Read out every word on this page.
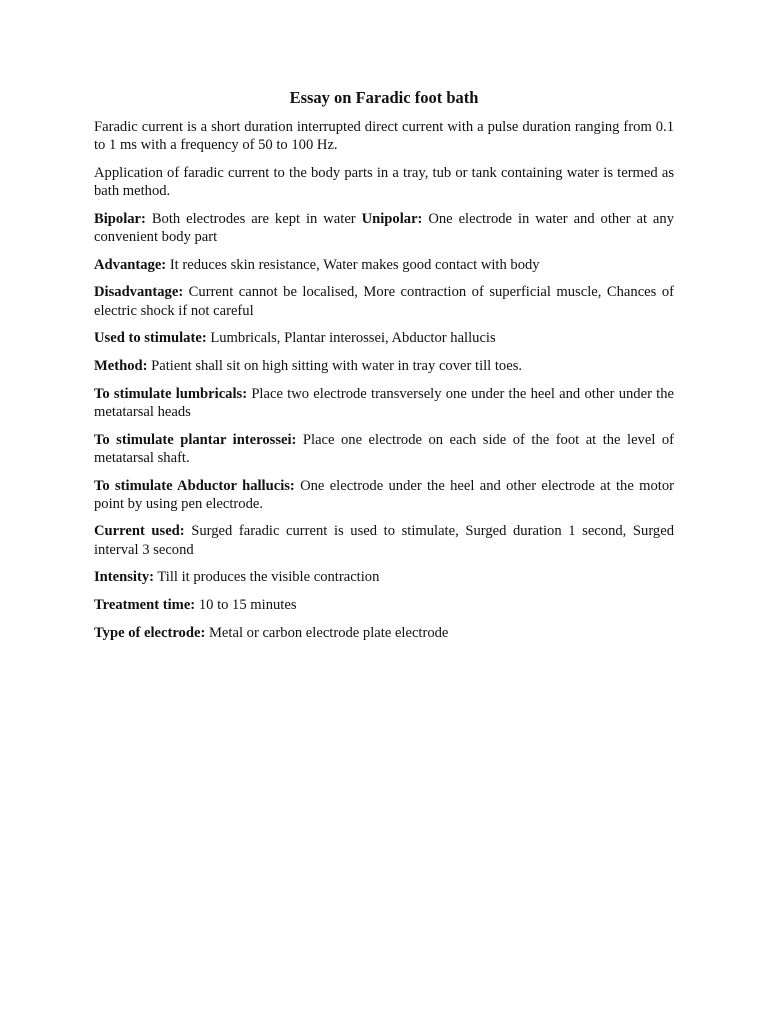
Essay on Faradic foot bath

Faradic current is a short duration interrupted direct current with a pulse duration ranging from 0.1 to 1 ms with a frequency of 50 to 100 Hz.

Application of faradic current to the body parts in a tray, tub or tank containing water is termed as bath method.

Bipolar: Both electrodes are kept in water Unipolar: One electrode in water and other at any convenient body part

Advantage: It reduces skin resistance, Water makes good contact with body

Disadvantage: Current cannot be localised, More contraction of superficial muscle, Chances of electric shock if not careful

Used to stimulate: Lumbricals, Plantar interossei, Abductor hallucis

Method: Patient shall sit on high sitting with water in tray cover till toes.

To stimulate lumbricals: Place two electrode transversely one under the heel and other under the metatarsal heads

To stimulate plantar interossei: Place one electrode on each side of the foot at the level of metatarsal shaft.

To stimulate Abductor hallucis: One electrode under the heel and other electrode at the motor point by using pen electrode.

Current used: Surged faradic current is used to stimulate, Surged duration 1 second, Surged interval 3 second

Intensity: Till it produces the visible contraction

Treatment time: 10 to 15 minutes

Type of electrode: Metal or carbon electrode plate electrode
